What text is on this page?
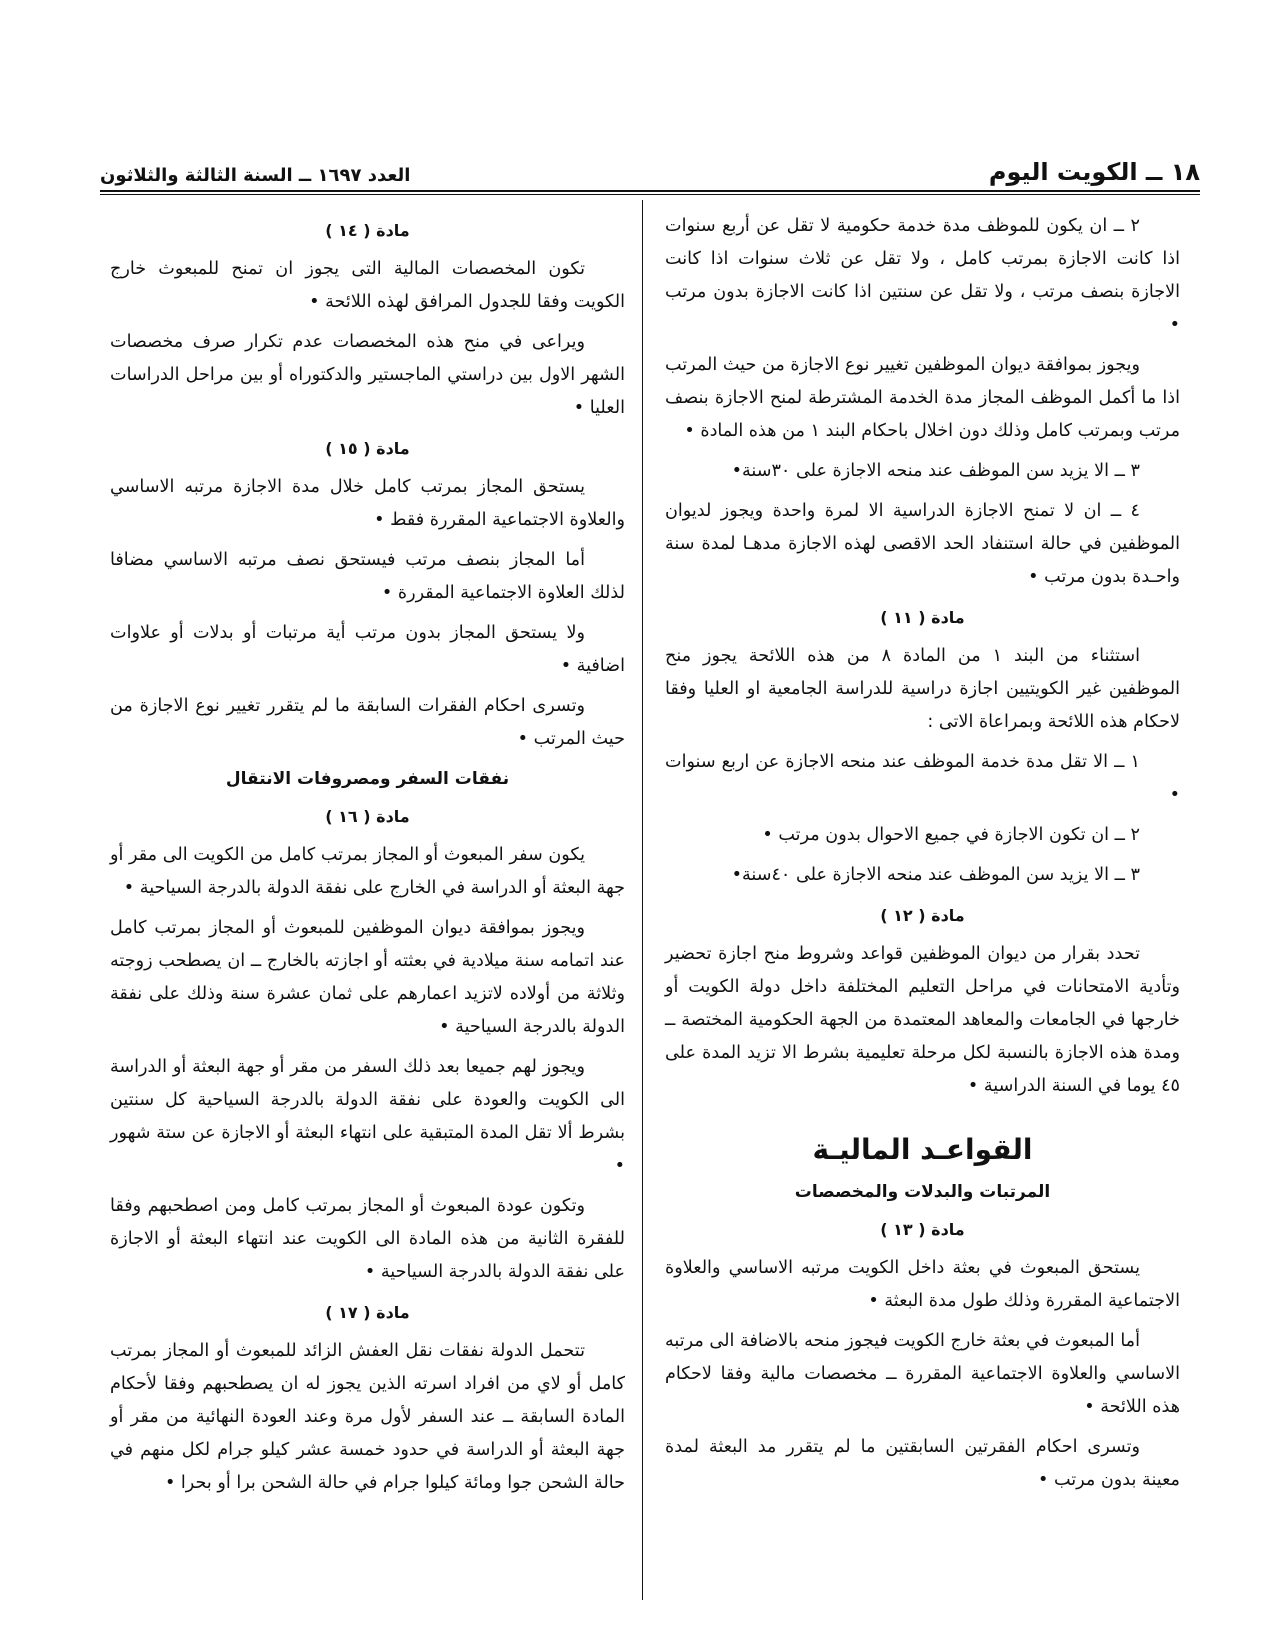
١٨ ــ الكويت اليوم
العدد ١٦٩٧ ــ السنة الثالثة والثلاثون

٢ ــ ان يكون للموظف مدة خدمة حكومية لا تقل عن أربع سنوات اذا كانت الاجازة بمرتب كامل ، ولا تقل عن ثلاث سنوات اذا كانت الاجازة بنصف مرتب ، ولا تقل عن سنتين اذا كانت الاجازة بدون مرتب •

ويجوز بموافقة ديوان الموظفين تغيير نوع الاجازة من حيث المرتب اذا ما أكمل الموظف المجاز مدة الخدمة المشترطة لمنح الاجازة بنصف مرتب وبمرتب كامل وذلك دون اخلال باحكام البند ١ من هذه المادة •

٣ ــ الا يزيد سن الموظف عند منحه الاجازة على ٣٠سنة•

٤ ــ ان لا تمنح الاجازة الدراسية الا لمرة واحدة ويجوز لديوان الموظفين في حالة استنفاد الحد الاقصى لهذه الاجازة مدهـا لمدة سنة واحـدة بدون مرتب •

مادة ( ١١ )

استثناء من البند ١ من المادة ٨ من هذه اللائحة يجوز منح الموظفين غير الكويتيين اجازة دراسية للدراسة الجامعية او العليا وفقا لاحكام هذه اللائحة وبمراعاة الاتى :

١ ــ الا تقل مدة خدمة الموظف عند منحه الاجازة عن اربع سنوات •

٢ ــ ان تكون الاجازة في جميع الاحوال بدون مرتب •

٣ ــ الا يزيد سن الموظف عند منحه الاجازة على ٤٠سنة•

مادة ( ١٢ )

تحدد بقرار من ديوان الموظفين قواعد وشروط منح اجازة تحضير وتأدية الامتحانات في مراحل التعليم المختلفة داخل دولة الكويت أو خارجها في الجامعات والمعاهد المعتمدة من الجهة الحكومية المختصة ــ ومدة هذه الاجازة بالنسبة لكل مرحلة تعليمية بشرط الا تزيد المدة على ٤٥ يوما في السنة الدراسية •

القواعـد الماليـة
المرتبات والبدلات والمخصصات
مادة ( ١٣ )

يستحق المبعوث في بعثة داخل الكويت مرتبه الاساسي والعلاوة الاجتماعية المقررة وذلك طول مدة البعثة •

أما المبعوث في بعثة خارج الكويت فيجوز منحه بالاضافة الى مرتبه الاساسي والعلاوة الاجتماعية المقررة ــ مخصصات مالية وفقا لاحكام هذه اللائحة •

وتسرى احكام الفقرتين السابقتين ما لم يتقرر مد البعثة لمدة معينة بدون مرتب •

مادة ( ١٤ )

تكون المخصصات المالية التى يجوز ان تمنح للمبعوث خارج الكويت وفقا للجدول المرافق لهذه اللائحة •

ويراعى في منح هذه المخصصات عدم تكرار صرف مخصصات الشهر الاول بين دراستي الماجستير والدكتوراه أو بين مراحل الدراسات العليا •

مادة ( ١٥ )

يستحق المجاز بمرتب كامل خلال مدة الاجازة مرتبه الاساسي والعلاوة الاجتماعية المقررة فقط •

أما المجاز بنصف مرتب فيستحق نصف مرتبه الاساسي مضافا لذلك العلاوة الاجتماعية المقررة •

ولا يستحق المجاز بدون مرتب أية مرتبات أو بدلات أو علاوات اضافية •

وتسرى احكام الفقرات السابقة ما لم يتقرر تغيير نوع الاجازة من حيث المرتب •

نفقات السفر ومصروفات الانتقال
مادة ( ١٦ )

يكون سفر المبعوث أو المجاز بمرتب كامل من الكويت الى مقر أو جهة البعثة أو الدراسة في الخارج على نفقة الدولة بالدرجة السياحية •

ويجوز بموافقة ديوان الموظفين للمبعوث أو المجاز بمرتب كامل عند اتمامه سنة ميلادية في بعثته أو اجازته بالخارج ــ ان يصطحب زوجته وثلاثة من أولاده لاتزيد اعمارهم على ثمان عشرة سنة وذلك على نفقة الدولة بالدرجة السياحية •

ويجوز لهم جميعا بعد ذلك السفر من مقر أو جهة البعثة أو الدراسة الى الكويت والعودة على نفقة الدولة بالدرجة السياحية كل سنتين بشرط ألا تقل المدة المتبقية على انتهاء البعثة أو الاجازة عن ستة شهور •

وتكون عودة المبعوث أو المجاز بمرتب كامل ومن اصطحبهم وفقا للفقرة الثانية من هذه المادة الى الكويت عند انتهاء البعثة أو الاجازة على نفقة الدولة بالدرجة السياحية •

مادة ( ١٧ )

تتحمل الدولة نفقات نقل العفش الزائد للمبعوث أو المجاز بمرتب كامل أو لاي من افراد اسرته الذين يجوز له ان يصطحبهم وفقا لأحكام المادة السابقة ــ عند السفر لأول مرة وعند العودة النهائية من مقر أو جهة البعثة أو الدراسة في حدود خمسة عشر كيلو جرام لكل منهم في حالة الشحن جوا ومائة كيلوا جرام في حالة الشحن برا أو بحرا •
